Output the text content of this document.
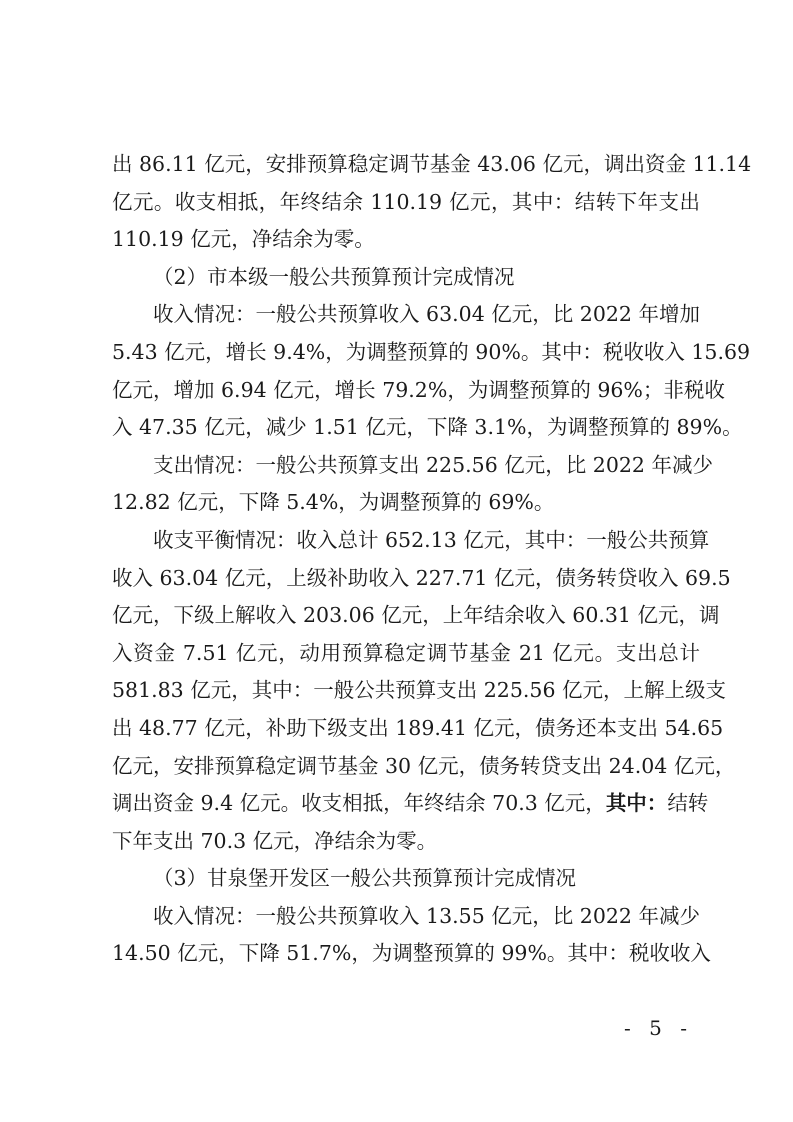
出 86.11 亿元，安排预算稳定调节基金 43.06 亿元，调出资金 11.14
亿元。收支相抵，年终结余 110.19 亿元，其中：结转下年支出
110.19 亿元，净结余为零。
（2）市本级一般公共预算预计完成情况
收入情况：一般公共预算收入 63.04 亿元，比 2022 年增加
5.43 亿元，增长 9.4%，为调整预算的 90%。其中：税收收入 15.69
亿元，增加 6.94 亿元，增长 79.2%，为调整预算的 96%；非税收
入 47.35 亿元，减少 1.51 亿元，下降 3.1%，为调整预算的 89%。
支出情况：一般公共预算支出 225.56 亿元，比 2022 年减少
12.82 亿元，下降 5.4%，为调整预算的 69%。
收支平衡情况：收入总计 652.13 亿元，其中：一般公共预算
收入 63.04 亿元，上级补助收入 227.71 亿元，债务转贷收入 69.5
亿元，下级上解收入 203.06 亿元，上年结余收入 60.31 亿元，调
入资金 7.51 亿元，动用预算稳定调节基金 21 亿元。支出总计
581.83 亿元，其中：一般公共预算支出 225.56 亿元，上解上级支
出 48.77 亿元，补助下级支出 189.41 亿元，债务还本支出 54.65
亿元，安排预算稳定调节基金 30 亿元，债务转贷支出 24.04 亿元，
调出资金 9.4 亿元。收支相抵，年终结余 70.3 亿元，其中：结转
下年支出 70.3 亿元，净结余为零。
（3）甘泉堡开发区一般公共预算预计完成情况
收入情况：一般公共预算收入 13.55 亿元，比 2022 年减少
14.50 亿元，下降 51.7%，为调整预算的 99%。其中：税收收入
- 5 -
